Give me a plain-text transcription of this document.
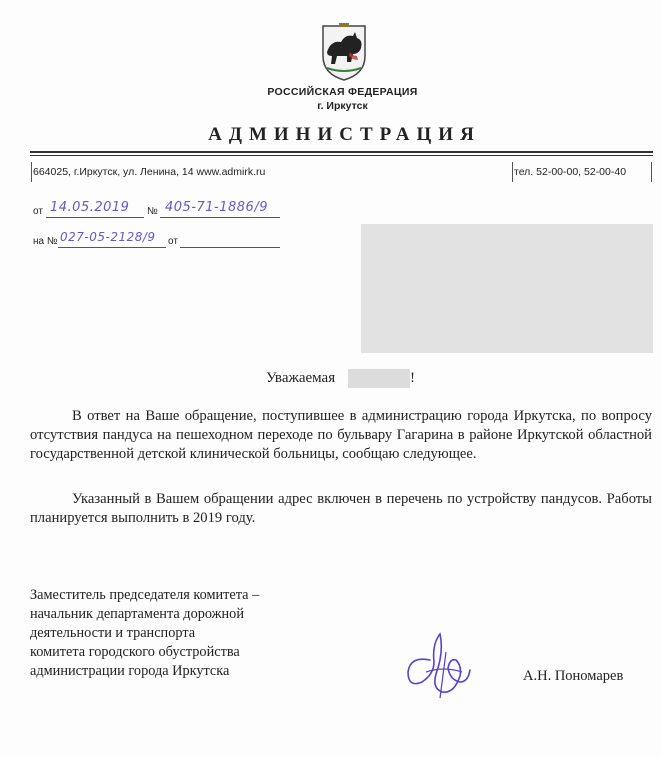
РОССИЙСКАЯ ФЕДЕРАЦИЯ
г. Иркутск
АДМИНИСТРАЦИЯ
664025, г.Иркутск, ул. Ленина, 14 www.admirk.ru	тел. 52-00-00, 52-00-40
от 14.05.2019 № 405-71-1886/9
на № 027-05-2128/9 от
Уважаемая	!
В ответ на Ваше обращение, поступившее в администрацию города Иркутска, по вопросу отсутствия пандуса на пешеходном переходе по бульвару Гагарина в районе Иркутской областной государственной детской клинической больницы, сообщаю следующее.
Указанный в Вашем обращении адрес включен в перечень по устройству пандусов. Работы планируется выполнить в 2019 году.
Заместитель председателя комитета –
начальник департамента дорожной
деятельности и транспорта
комитета городского обустройства
администрации города Иркутска	А.Н. Пономарев
